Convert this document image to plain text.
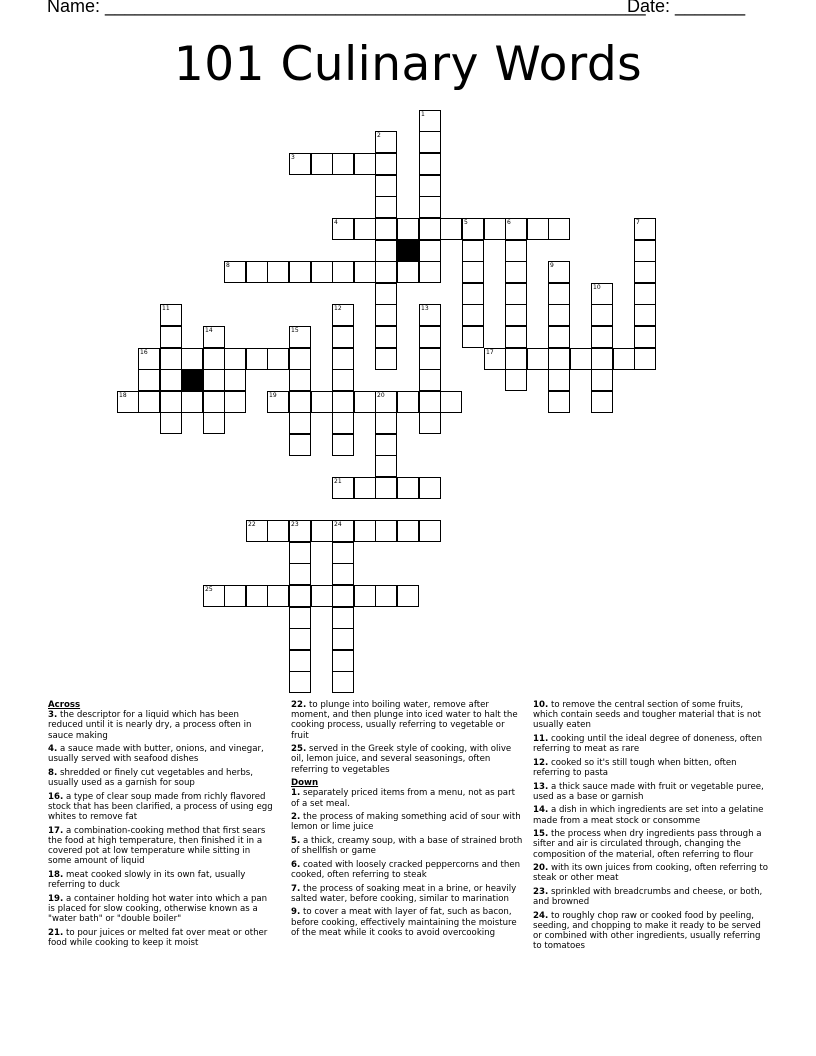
Name: ______________________________________________________
Date: _______
101 Culinary Words
1
2
3
4	5	6	7
8	9
10
17
11	12	13
14	15
16
18	19	20
21
22	23	24
25
Across
3. the descriptor for a liquid which has been reduced until it is nearly dry, a process often in sauce making
4. a sauce made with butter, onions, and vinegar, usually served with seafood dishes
8. shredded or finely cut vegetables and herbs, usually used as a garnish for soup
16. a type of clear soup made from richly flavored stock that has been clarified, a process of using egg whites to remove fat
17. a combination-cooking method that first sears the food at high temperature, then finished it in a covered pot at low temperature while sitting in some amount of liquid
18. meat cooked slowly in its own fat, usually referring to duck
19. a container holding hot water into which a pan is placed for slow cooking, otherwise known as a "water bath" or "double boiler"
21. to pour juices or melted fat over meat or other food while cooking to keep it moist
22. to plunge into boiling water, remove after moment, and then plunge into iced water to halt the cooking process, usually referring to vegetable or fruit
25. served in the Greek style of cooking, with olive oil, lemon juice, and several seasonings, often referring to vegetables
Down
1. separately priced items from a menu, not as part of a set meal.
2. the process of making something acid of sour with lemon or lime juice
5. a thick, creamy soup, with a base of strained broth of shellfish or game
6. coated with loosely cracked peppercorns and then cooked, often referring to steak
7. the process of soaking meat in a brine, or heavily salted water, before cooking, similar to marination
9. to cover a meat with layer of fat, such as bacon, before cooking, effectively maintaining the moisture of the meat while it cooks to avoid overcooking
10. to remove the central section of some fruits, which contain seeds and tougher material that is not usually eaten
11. cooking until the ideal degree of doneness, often referring to meat as rare
12. cooked so it's still tough when bitten, often referring to pasta
13. a thick sauce made with fruit or vegetable puree, used as a base or garnish
14. a dish in which ingredients are set into a gelatine made from a meat stock or consomme
15. the process when dry ingredients pass through a sifter and air is circulated through, changing the composition of the material, often referring to flour
20. with its own juices from cooking, often referring to steak or other meat
23. sprinkled with breadcrumbs and cheese, or both, and browned
24. to roughly chop raw or cooked food by peeling, seeding, and chopping to make it ready to be served or combined with other ingredients, usually referring to tomatoes
